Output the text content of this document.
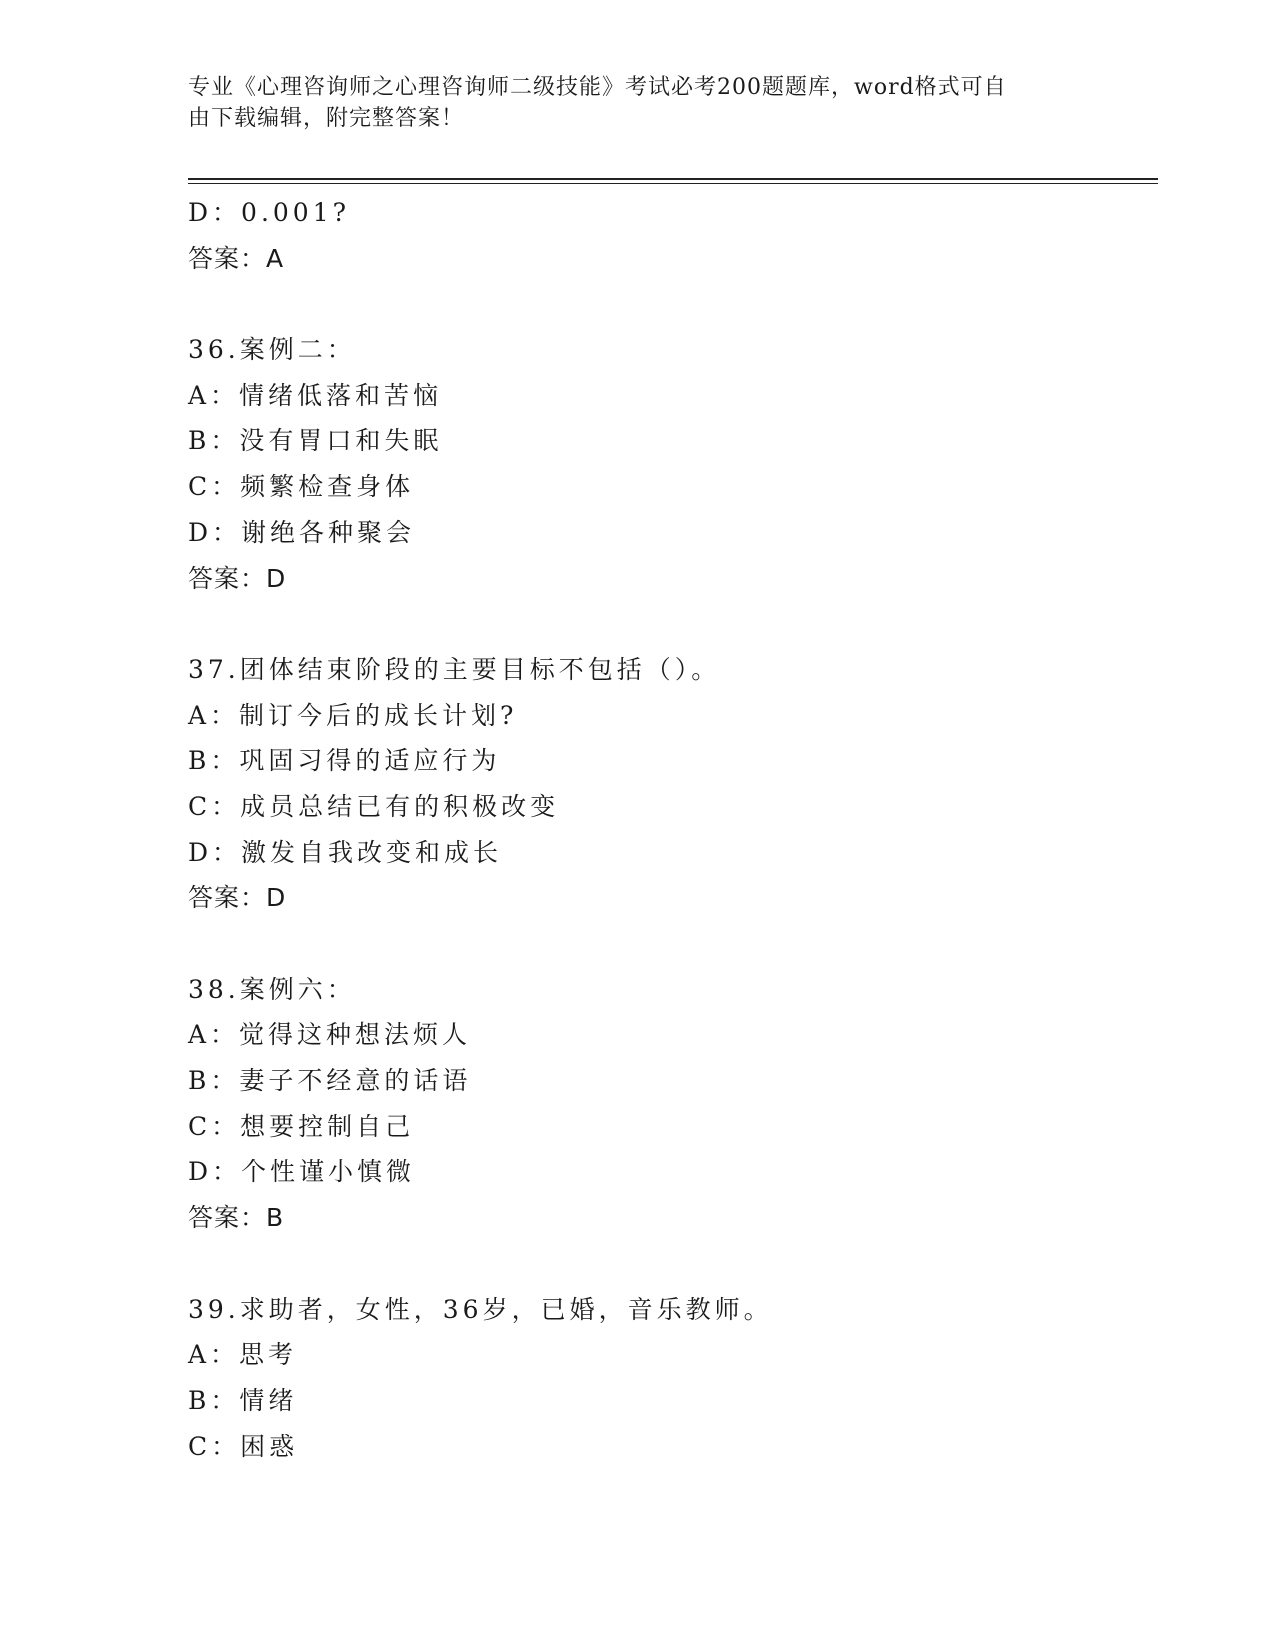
专业《心理咨询师之心理咨询师二级技能》考试必考200题题库，word格式可自
由下载编辑，附完整答案！
D：0.001?
答案：A
36.案例二：
A：情绪低落和苦恼
B：没有胃口和失眠
C：频繁检查身体
D：谢绝各种聚会
答案：D
37.团体结束阶段的主要目标不包括（）。
A：制订今后的成长计划?
B：巩固习得的适应行为
C：成员总结已有的积极改变
D：激发自我改变和成长
答案：D
38.案例六：
A：觉得这种想法烦人
B：妻子不经意的话语
C：想要控制自己
D：个性谨小慎微
答案：B
39.求助者，女性，36岁，已婚，音乐教师。
A：思考
B：情绪
C：困惑
